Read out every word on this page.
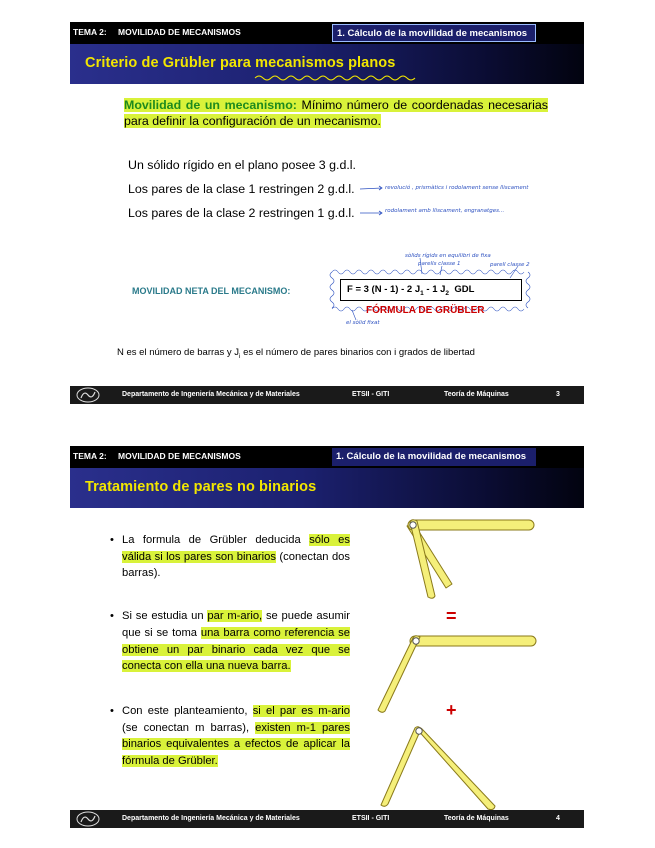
TEMA 2: MOVILIDAD DE MECANISMOS	1. Cálculo de la movilidad de mecanismos
Criterio de Grübler para mecanismos planos
Movilidad de un mecanismo: Mínimo número de coordenadas necesarias para definir la configuración de un mecanismo.
Un sólido rígido en el plano posee 3 g.d.l.
Los pares de la clase 1 restringen 2 g.d.l.
Los pares de la clase 2 restringen 1 g.d.l.
revolució , prismàtics i rodolament sense lliscament
rodolament amb lliscament, engranatges...
sòlids rígids en equilibri de fixa
parells classe 1	parell classe 2
el sòlid fixat
MOVILIDAD NETA DEL MECANISMO:	F = 3 (N - 1) - 2 $J_1 - 1$ $J_2$ GDL
FÓRMULA DE GRÜBLER
N es el número de barras y $J_i$ es el número de pares binarios con i grados de libertad
Departamento de Ingeniería Mecánica y de Materiales	ETSII - GITI	Teoría de Máquinas	3
TEMA 2: MOVILIDAD DE MECANISMOS	1. Cálculo de la movilidad de mecanismos
Tratamiento de pares no binarios
• La formula de Grübler deducida sólo es válida si los pares son binarios (conectan dos barras).
• Si se estudia un par m-ario, se puede asumir que si se toma una barra como referencia se obtiene un par binario cada vez que se conecta con ella una nueva barra.
• Con este planteamiento, si el par es m-ario (se conectan m barras), existen m-1 pares binarios equivalentes a efectos de aplicar la fórmula de Grübler.
=
+
Departamento de Ingeniería Mecánica y de Materiales	ETSII - GITI	Teoría de Máquinas	4
